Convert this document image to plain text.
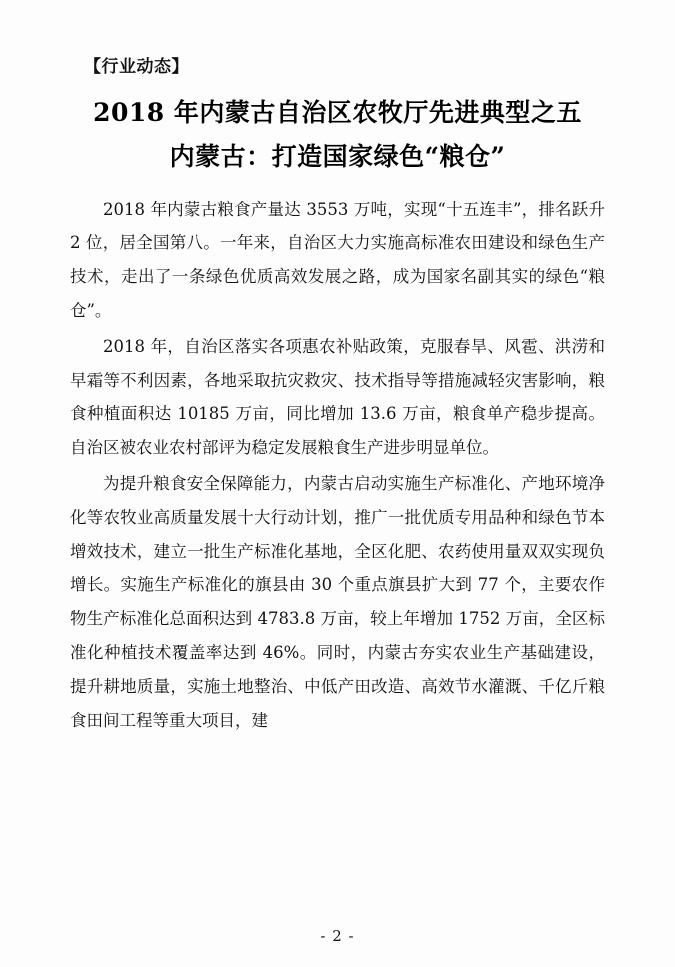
【行业动态】
2018 年内蒙古自治区农牧厅先进典型之五
内蒙古：打造国家绿色“粮仓”

2018 年内蒙古粮食产量达 3553 万吨，实现“十五连丰”，排名跃升 2 位，居全国第八。一年来，自治区大力实施高标准农田建设和绿色生产技术，走出了一条绿色优质高效发展之路，成为国家名副其实的绿色“粮仓”。

2018 年，自治区落实各项惠农补贴政策，克服春旱、风雹、洪涝和早霜等不利因素，各地采取抗灾救灾、技术指导等措施减轻灾害影响，粮食种植面积达 10185 万亩，同比增加 13.6 万亩，粮食单产稳步提高。自治区被农业农村部评为稳定发展粮食生产进步明显单位。

为提升粮食安全保障能力，内蒙古启动实施生产标准化、产地环境净化等农牧业高质量发展十大行动计划，推广一批优质专用品种和绿色节本增效技术，建立一批生产标准化基地，全区化肥、农药使用量双双实现负增长。实施生产标准化的旗县由 30 个重点旗县扩大到 77 个，主要农作物生产标准化总面积达到 4783.8 万亩，较上年增加 1752 万亩，全区标准化种植技术覆盖率达到 46%。同时，内蒙古夯实农业生产基础建设，提升耕地质量，实施土地整治、中低产田改造、高效节水灌溉、千亿斤粮食田间工程等重大项目，建

- 2 -
